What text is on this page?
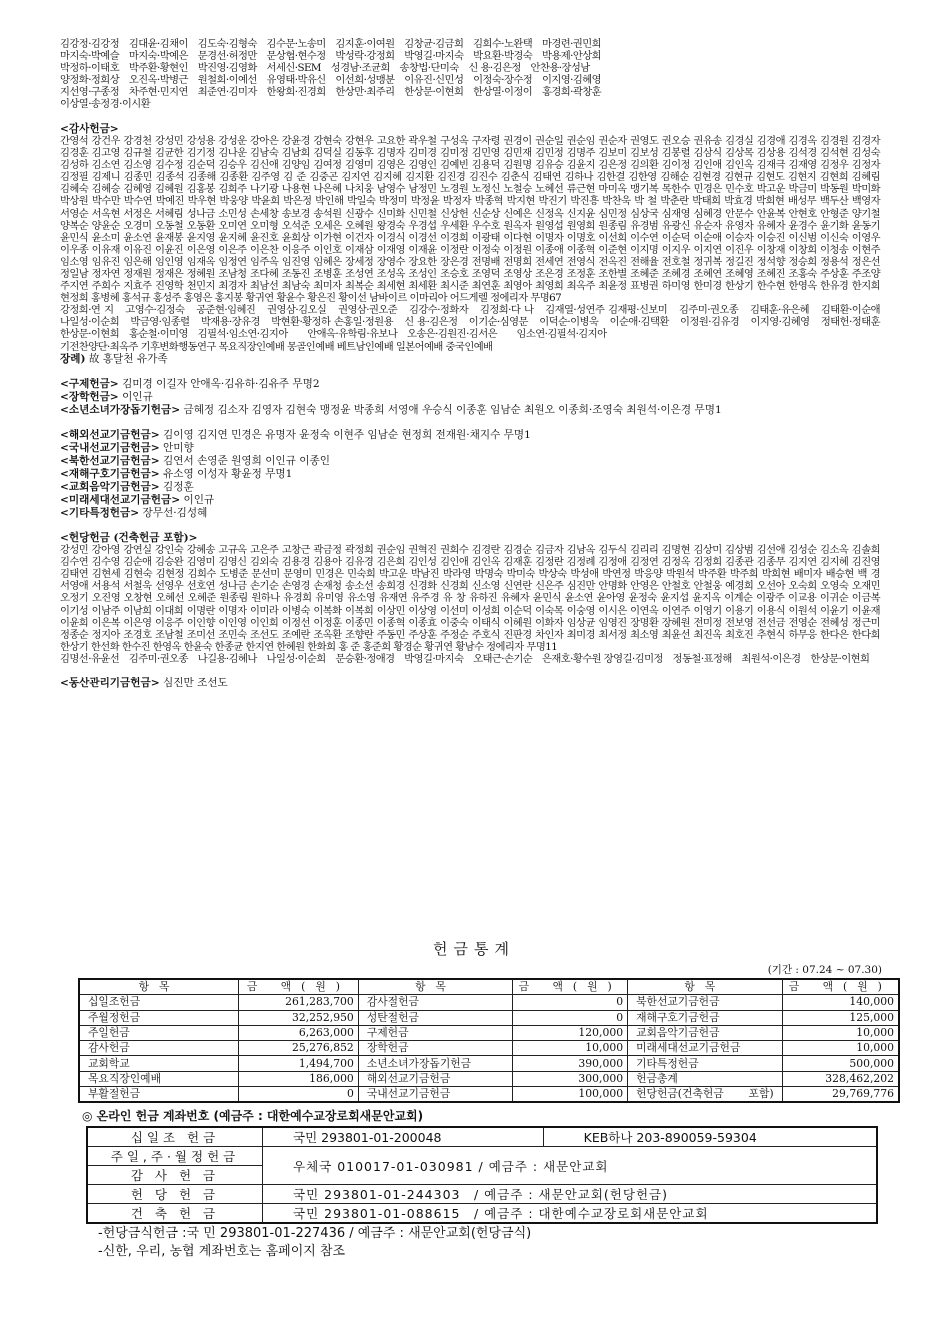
김강정·김강정　김대윤·김채이　김도숙·김형숙　김수문·노송미　김지훈·이여원　김창균·김금희　김희수·노완택　마경련·권민희
마지숙·박예슬　마지숙·박예은　문경선·허정만　문상협·현수정　박성락·강정희　박영길·마지숙　박요환·박경숙　박용제·안상희
박정하·이태호　박주환·황현인　박진영·김영화　서세신·SEM　성경남·조균희　송창법·단미숙　신 용·김은정　안찬용·장성남
양정화·정희상　오진옥·박병근　원철희·이예선　유영태·박유신　이선희·성맹분　이유진·신민성　이정숙·장수정　이지영·김혜영
지선영·구종정　차주현·민지연　최준연·김미자　한왕희·진경희　한상만·최주리　한상문·이현희　한상열·이정이　홍경희·곽창훈
이상열·송정경·이시환

<감사헌금>

간영석 강건우 강경천 강성민 강성용 강성운 강아은 강윤경 강현숙 강현우 고요한 곽우철 구성옥 구자령 권경이 권순일 권순임 권순자 권영도 권오승 권유송 김경실 김경애 김경옥 김경원 김경자 김경훈 김고영 김규철 김균한 김기정 김나운 김남숙 김남희 김덕실 김동후 김명자 김미경 김미정 김민영 김민재 김민정 김명주 김보미 김보성 김봉렬 김삼식 김상목 김상용 김석경 김석현 김성숙 김성하 김소연 김소영 김수정 김순덕 김승우 김신애 김양임 김여정 김영미 김영은 김영인 김예빈 김용덕 김원명 김유승 김윤지 김은정 김의환 김이정 김인애 김인옥 김재극 김재영 김정우 김정자 김정필 김제니 김종민 김종석 김종해 김종환 김주영 김 준 김중곤 김지연 김지혜 김지환 김진경 김진수 김춘식 김태연 김하나 김한결 김한영 김해순 김현경 김현규 김현도 김현지 김현희 김혜림 김혜숙 김혜승 김혜영 김혜원 김홍봉 김희주 나기광 나용현 나은혜 나치웅 남영수 남정민 노경원 노정신 노철승 노혜선 류근현 마미옥 맹기복 목한수 민경은 민수호 박고운 박금미 박동원 박미화 박상원 박수만 박수연 박예진 박우현 박웅양 박윤희 박은정 박인해 박일숙 박정미 박정윤 박정자 박종혁 박지현 박진기 박진흥 박찬욱 박 철 박춘란 박태희 박효경 박희현 배성무 백두산 백영자 서영순 서옥현 서정은 서혜림 성나금 소민성 손세창 송보경 송석원 신광수 신미화 신민철 신상헌 신순상 신예은 신정옥 신지윤 심민정 심상국 심재영 심혜경 안문수 안윤복 안현호 안형준 양기철 양복순 양윤순 오경미 오동철 오동환 오미연 오미형 오석준 오세은 오혜원 왕경숙 우경섭 우세환 우수호 원옥자 원영섭 원영희 원종림 유경범 유광신 유순자 유영자 유혜자 윤경수 윤기화 윤동기 윤민식 윤소미 윤소연 윤재봉 윤지영 윤지혜 윤진호 윤희상 이가현 이건자 이경식 이경선 이경희 이광태 이다현 이명자 이명호 이선희 이수연 이순덕 이순애 이승자 이승진 이신범 이신숙 이영우 이우종 이유재 이유진 이윤진 이은영 이은주 이은찬 이응주 이인호 이재삼 이재영 이재윤 이정란 이정숙 이정원 이종애 이종혁 이준현 이지명 이지우 이지연 이진우 이창재 이창희 이청송 이현주 임소영 임유진 임은해 임인영 임재옥 임정연 임주옥 임진영 임혜은 장세정 장영수 장요한 장은경 전명배 전명희 전세연 전영식 전옥진 전해율 전호철 정귀복 정길진 정석향 정승희 정용석 정은선 정일남 정자연 정재원 정재은 정혜원 조남청 조다혜 조동진 조병훈 조성연 조성옥 조성인 조승호 조영덕 조영상 조은경 조정훈 조한별 조혜준 조혜경 조혜연 조혜영 조혜진 조홍숙 주상훈 주조양 주지연 주희수 지효주 진영학 천민지 최경자 최남선 최남숙 최미자 최복순 최세현 최세환 최시준 최연훈 최영아 최영희 최옥주 최윤정 표병권 하미영 한미경 한상기 한수현 한영옥 한유경 한지희 현정희 홍병혜 홍석규 홍성주 홍영은 홍지봉 황귀연 황윤수 황은진 황이선 남바이르 이마리아 어드게렐 정에리자 무명67

강정희·연 지　고영수·김정숙　공준현·임혜진　권영삼·김오실　권영삼·권오준　김강수·정화자　김정희·다 나　김재열·성연주 김재평·신보미　김주미·권오종　김태훈·유은혜　김태환·이순애　나일성·이순희　박금영·임종렬　박재용·장유경　박현환·황정하 손홍일·정원용　신 용·김은정　이기순·심영문　이덕순·이병욱　이순애·김택환　이정원·김유경　이지영·김혜영　정태헌·정태훈 한상문·이현희　홍순철·이미영　김필석·임소연·김지아　　안애옥·유학림·유보나　오송은·김원진·김서은　　임소연·김필석·김지아

기전찬양단·최옥주 기후변화행동연구 목요직장인예배 몽골인예배 베트남인예배 일본어예배 중국인예배

장례) 故 홍달천 유가족

<구제헌금> 김미경 이길자 안애옥·김유하·김유주 무명2

<장학헌금> 이인규

<소년소녀가장돕기헌금> 금혜정 김소자 김영자 김현숙 맹정윤 박종희 서영애 우승식 이종훈 임남순 최원오 이종희·조영숙 최원석·이은경 무명1

<해외선교기금헌금> 김이영 김지연 민경은 유명자 윤정숙 이현주 임남순 현정희 전재원·채지수 무명1

<국내선교기금헌금> 안미향

<북한선교기금헌금> 김연서 손영준 원영희 이인규 이종인

<재해구호기금헌금> 유소영 이성자 황윤정 무명1

<교회음악기금헌금> 김정훈

<미래세대선교기금헌금> 이인규

<기타특정헌금> 장무선·김성혜

<헌당헌금 (건축헌금 포함)>

강성민 강아영 강연실 강인숙 강혜송 고규옥 고은주 고창근 곽금정 곽정희 권순임 권혁진 권희수 김경란 김경순 김금자 김남옥 김두식 김리리 김명현 김상미 김상범 김선애 김성순 김소옥 김솔희 김수연 김수영 김순애 김승완 김영미 김영신 김외숙 김용경 김용아 김유경 김은희 김인성 김인애 김인옥 김재훈 김정란 김정례 김정애 김정연 김정옥 김정희 김종관 김종무 김지연 김지혜 김진영 김태연 김현세 김현숙 김현정 김희수 도병준 문선미 문영미 민경은 민숙희 박고운 박남진 박라영 박명숙 박미숙 박상숙 박성애 박연정 박응양 박원석 박주환 박주희 박희현 배미자 배승현 백 경 서영애 서용석 서철욱 선영우 선호연 성나금 손기순 손영경 손재청 송소선 송희경 신경화 신경희 신소영 신연란 신은주 심진만 안명화 안영은 안철호 안철웅 예경희 오선아 오숙희 오영숙 오재민 오정기 오진영 오창현 오혜선 오혜준 원종림 원하나 유경희 유미영 유소영 유재연 유주경 유 창 유하진 유혜자 윤민식 윤소연 윤아영 윤정숙 윤지섭 윤지옥 이계순 이광주 이교용 이귀순 이금복 이기성 이남주 이남희 이대희 이명란 이명자 이미라 이병숙 이복화 이복희 이상민 이상영 이선미 이성희 이순덕 이숙목 이숭영 이시은 이연옥 이연주 이영기 이용기 이용식 이원석 이윤기 이윤재 이윤희 이은복 이은영 이응주 이인향 이인영 이인희 이정선 이정훈 이종민 이종혁 이종효 이중숙 이태식 이혜원 이화자 임상균 임영진 장명환 장혜원 전미정 전보영 전선금 전영순 전혜성 정근미 정종순 정지아 조경호 조남철 조미선 조민숙 조선도 조예란 조옥환 조향란 주동민 주상훈 주정순 주호식 진판경 차인자 최미경 최서정 최소영 최윤선 최진옥 최호진 추현식 하무응 한다은 한다희 한상기 한선화 한수진 한영옥 한윤숙 한종균 한지연 한혜원 한화희 홍 준 홍준희 황경순 황귀연 황남수 정에리자 무명11

김명선·유윤선　김주미·권오종　나길용·김혜나　나일성·이순희　문승환·정애경　박영길·마지숙　오태근·손기순　은재호·황수원 장영길·김미정　정동철·표정해　최원석·이은경　한상문·이현희

<동산관리기금헌금> 심진만 조선도

헌금통계
(기간 : 07.24 ~ 07.30)
항목	금 액(원)	항목	금 액(원)	항목	금 액(원)
십일조헌금	261,283,700	감사절헌금	0	북한선교기금헌금	140,000
주월정헌금	32,252,950	성탄절헌금	0	재해구호기금헌금	125,000
주일헌금	6,263,000	구제헌금	120,000	교회음악기금헌금	10,000
감사헌금	25,276,852	장학헌금	10,000	미래세대선교기금헌금	10,000
교회학교	1,494,700	소년소녀가장돕기헌금	390,000	기타특정헌금	500,000
목요직장인예배	186,000	해외선교기금헌금	300,000	헌금총계	328,462,202
부활절헌금	0	국내선교기금헌금	100,000	헌당헌금(건축헌금 포함)	29,769,776
◎ 온라인 헌금 계좌번호 (예금주 : 대한예수교장로회새문안교회)
십일조 헌금	국민 293801-01-200048	KEB하나 203-890059-59304
주일,주·월정헌금	우체국 010017-01-030981 / 예금주 : 새문안교회	
감 사 헌 금		
헌 당 헌 금	국민 293801-01-244303　/ 예금주 : 새문안교회(헌당헌금)	
건 축 헌 금	국민 293801-01-088615　/ 예금주 : 대한예수교장로회새문안교회	
-헌당금식헌금 :국 민 293801-01-227436 / 예금주 : 새문안교회(헌당금식)
-신한, 우리, 농협 계좌번호는 홈페이지 참조
